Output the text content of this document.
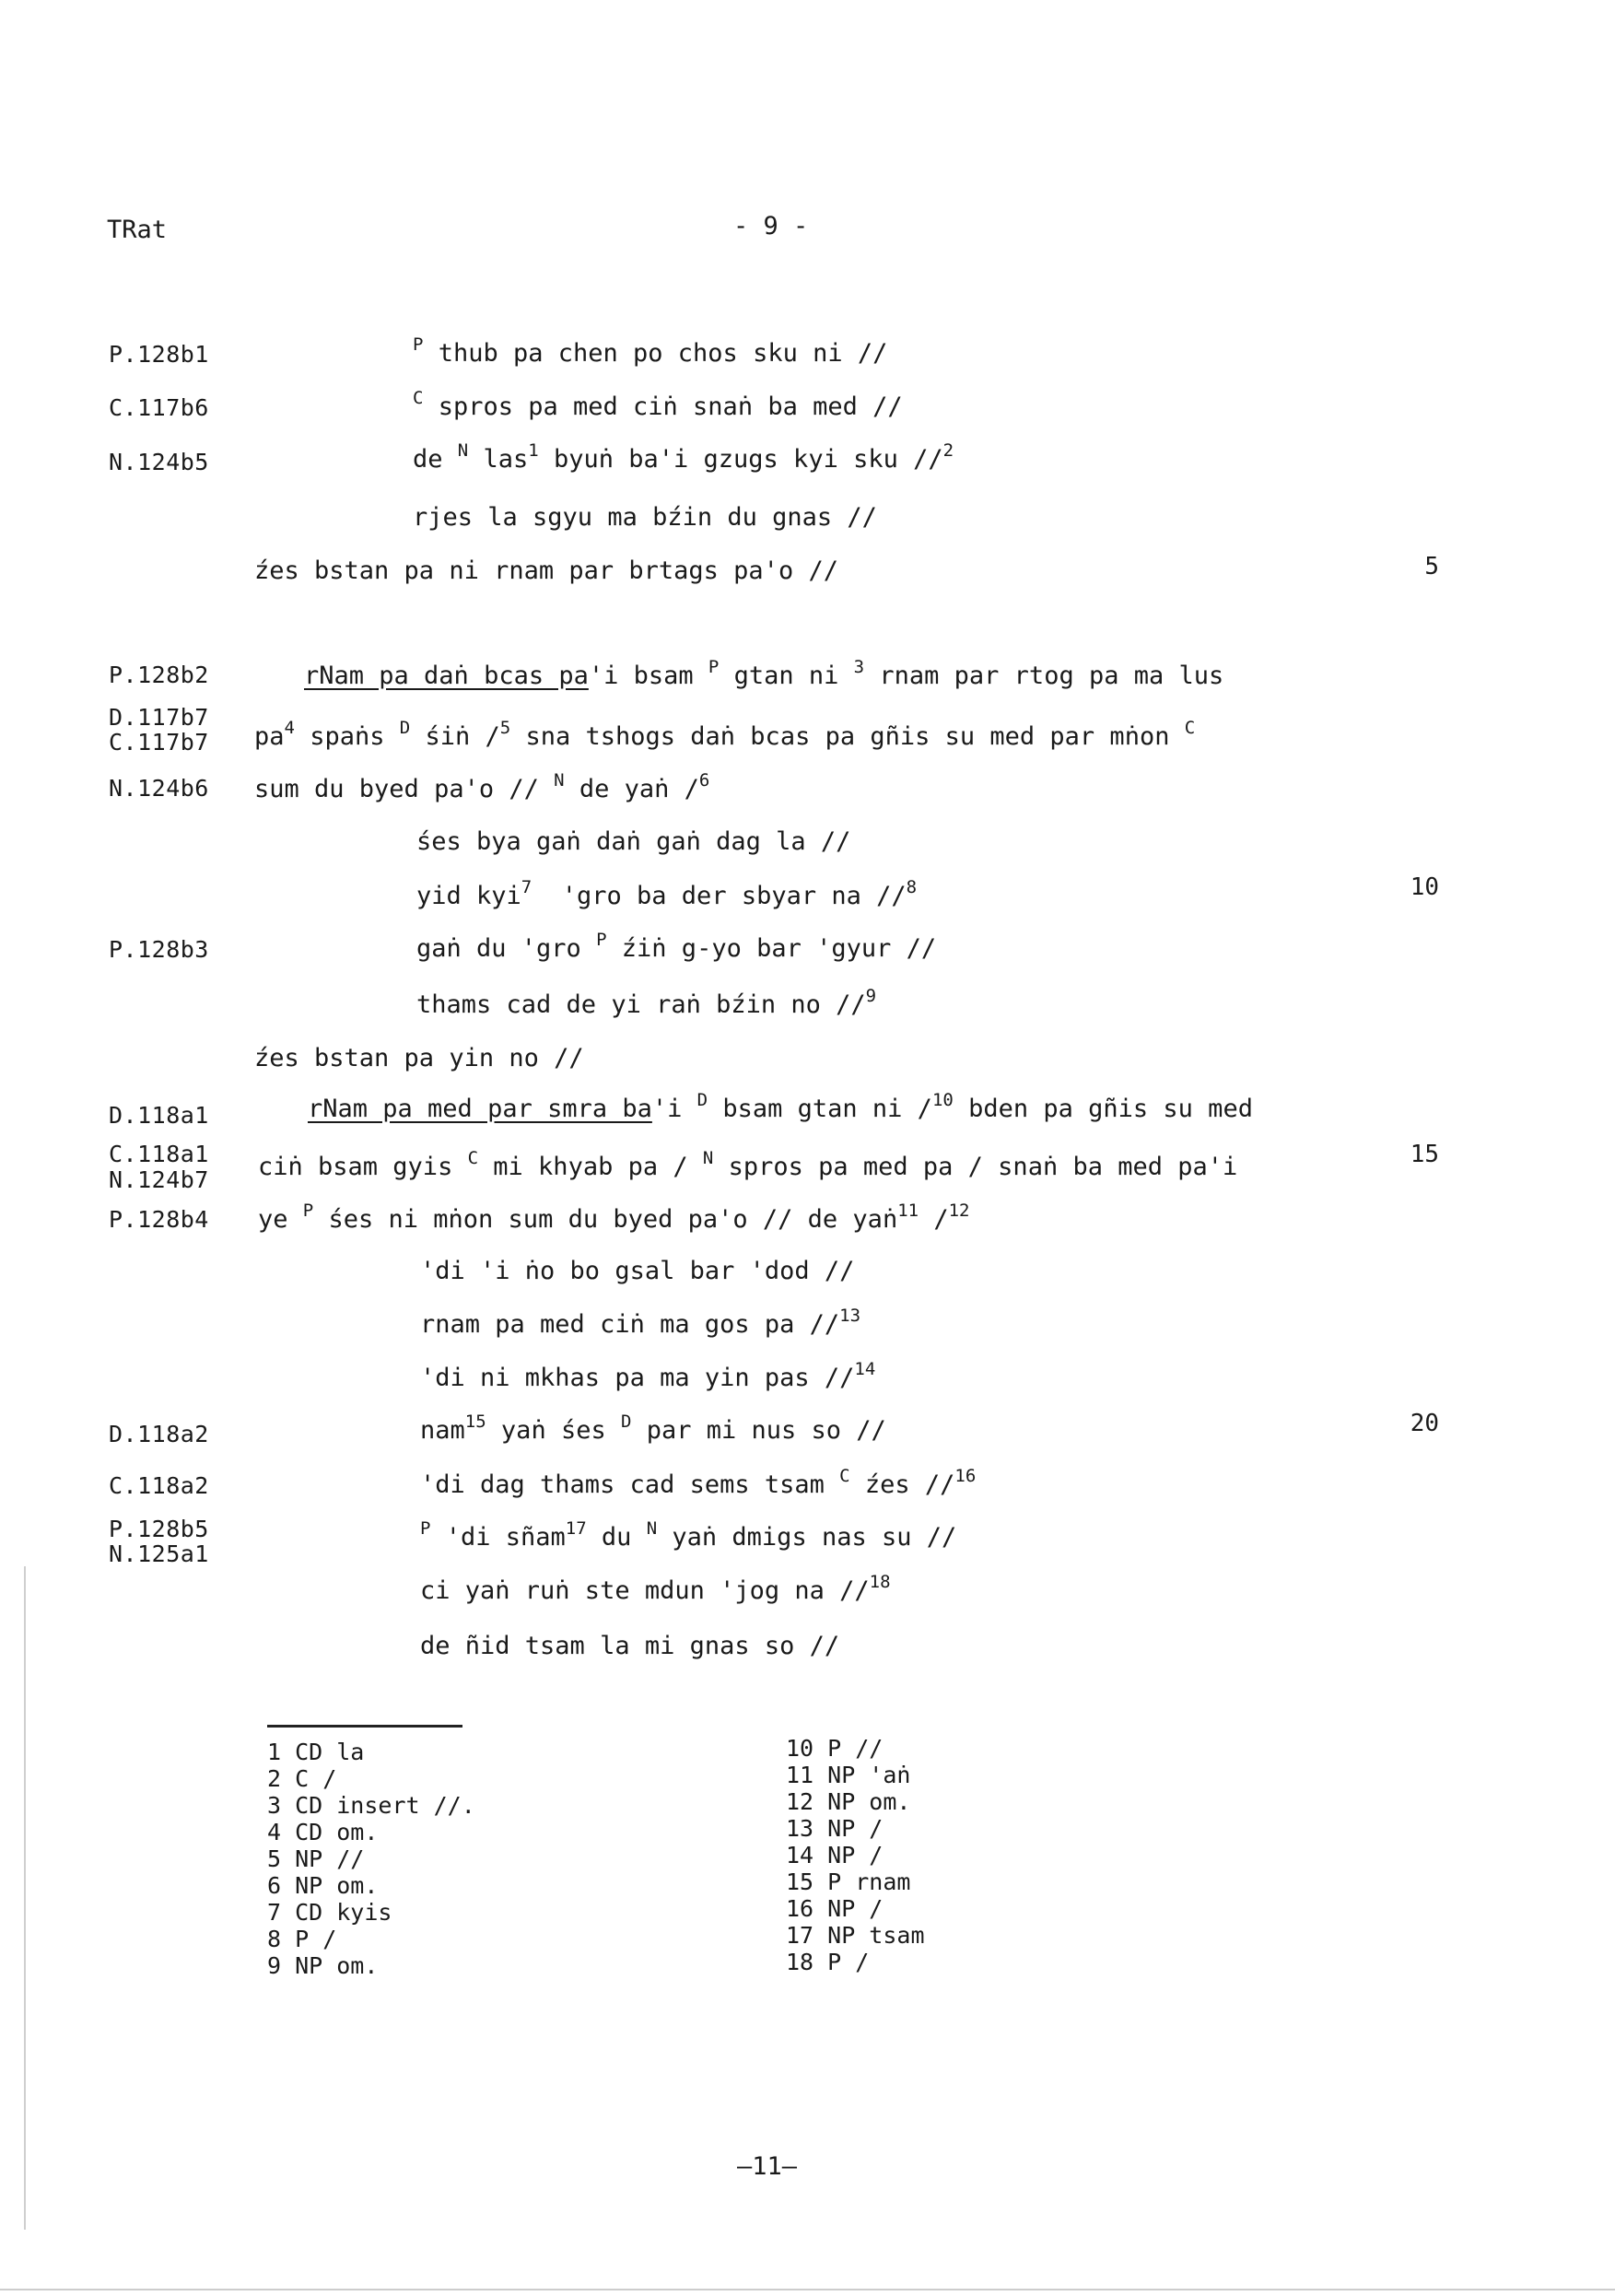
TRat	- 9 -
P.128b1
C.117b6
N.124b5
P.128b2
D.117b7
C.117b7
N.124b6
P.128b3
D.118a1
C.118a1
N.124b7
P.128b4
D.118a2
C.118a2
P.128b5
N.125a1
5
10
15
20
$^P$ thub pa chen po chos sku ni //
$^C$ spros pa med ciṅ snaṅ ba med //
de $^N$ las$^1$ byuṅ ba'i gzugs kyi sku //$^2$
rjes la sgyu ma bźin du gnas //
źes bstan pa ni rnam par brtags pa'o //
rNam pa daṅ bcas pa'i bsam $^P$ gtan ni $^3$ rnam par rtog pa ma lus
$pa^4$ spaṅs $^D$ śiṅ /$^5$ sna tshogs daṅ bcas pa gñis su med par mṅon $^C$
sum du byed pa'o // $^N$ de yaṅ /$^6$
śes bya gaṅ daṅ gaṅ dag la //
yid kyi$^7$  'gro ba der sbyar na //$^8$
gaṅ du 'gro $^P$ źiṅ g-yo bar 'gyur //
thams cad de yi raṅ bźin no //$^9$
źes bstan pa yin no //
rNam pa med par smra ba'i $^D$ bsam gtan ni /$^{10}$ bden pa gñis su med
ciṅ bsam gyis $^C$ mi khyab pa / $^N$ spros pa med pa / snaṅ ba med pa'i
ye $^P$ śes ni mṅon sum du byed pa'o // de yaṅ$^{11}$ /$^{12}$
'di 'i ṅo bo gsal bar 'dod //
rnam pa med ciṅ ma gos pa //$^{13}$
'di ni mkhas pa ma yin pas //$^{14}$
nam$^{15}$ yaṅ śes $^D$ par mi nus so //
'di dag thams cad sems tsam $^C$ źes //$^{16}$
$^P$ 'di sñam$^{17}$ du $^N$ yaṅ dmigs nas su //
ci yaṅ ruṅ ste mdun 'jog na //$^{18}$
de ñid tsam la mi gnas so //
1 CD la
2 C /
3 CD insert //.
4 CD om.
5 NP //
6 NP om.
7 CD kyis
8 P /
9 NP om.
10 P //
11 NP 'aṅ
12 NP om.
13 NP /
14 NP /
15 P rnam
16 NP /
17 NP tsam
18 P /
—11—
